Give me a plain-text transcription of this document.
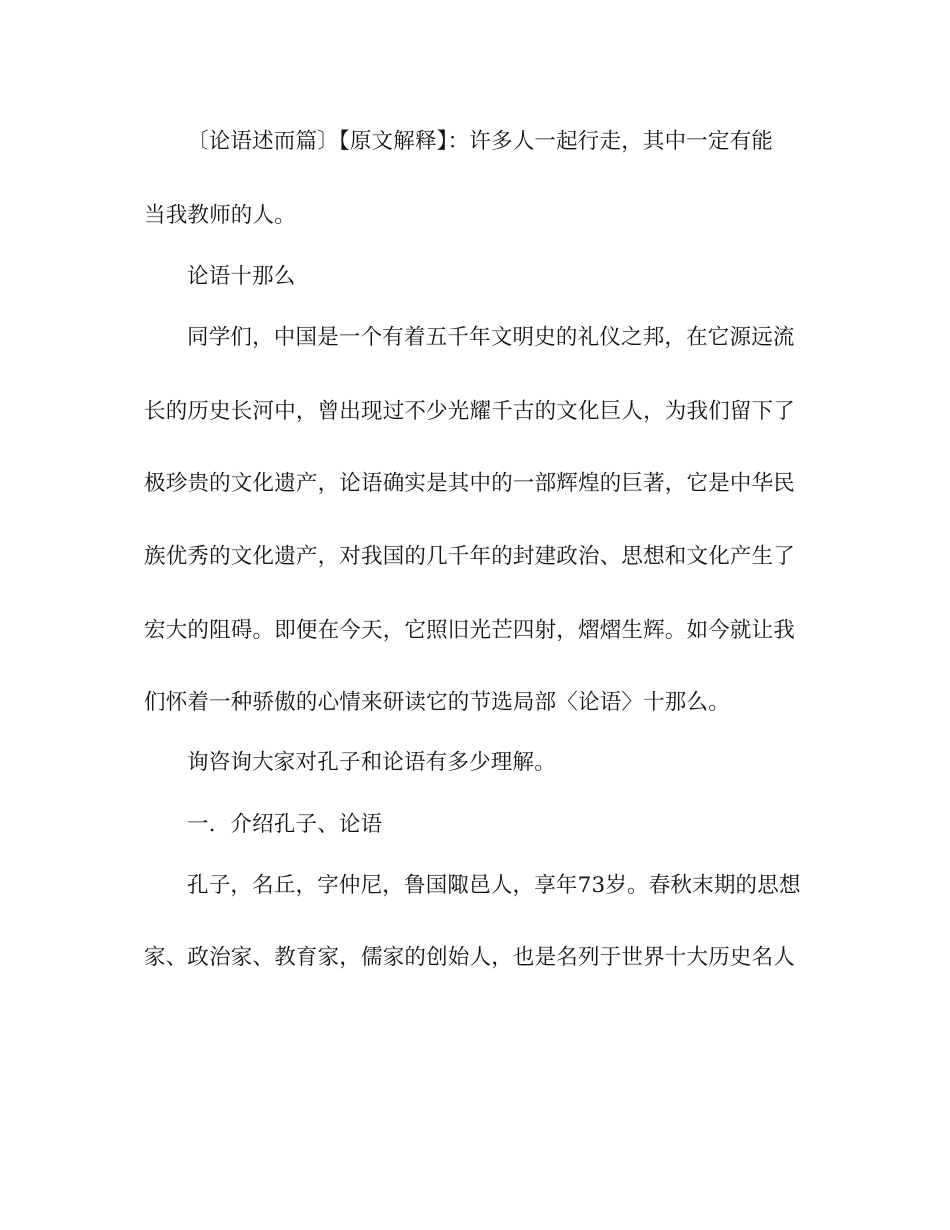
〔论语述而篇〕【原文解释】：许多人一起行走，其中一定有能
当我教师的人。
论语十那么
同学们，中国是一个有着五千年文明史的礼仪之邦，在它源远流
长的历史长河中，曾出现过不少光耀千古的文化巨人，为我们留下了
极珍贵的文化遗产，论语确实是其中的一部辉煌的巨著，它是中华民
族优秀的文化遗产，对我国的几千年的封建政治、思想和文化产生了
宏大的阻碍。即便在今天，它照旧光芒四射，熠熠生辉。如今就让我
们怀着一种骄傲的心情来研读它的节选局部〈论语〉十那么。
询咨询大家对孔子和论语有多少理解。
一．介绍孔子、论语
孔子，名丘，字仲尼，鲁国陬邑人，享年73岁。春秋末期的思想
家、政治家、教育家，儒家的创始人，也是名列于世界十大历史名人
